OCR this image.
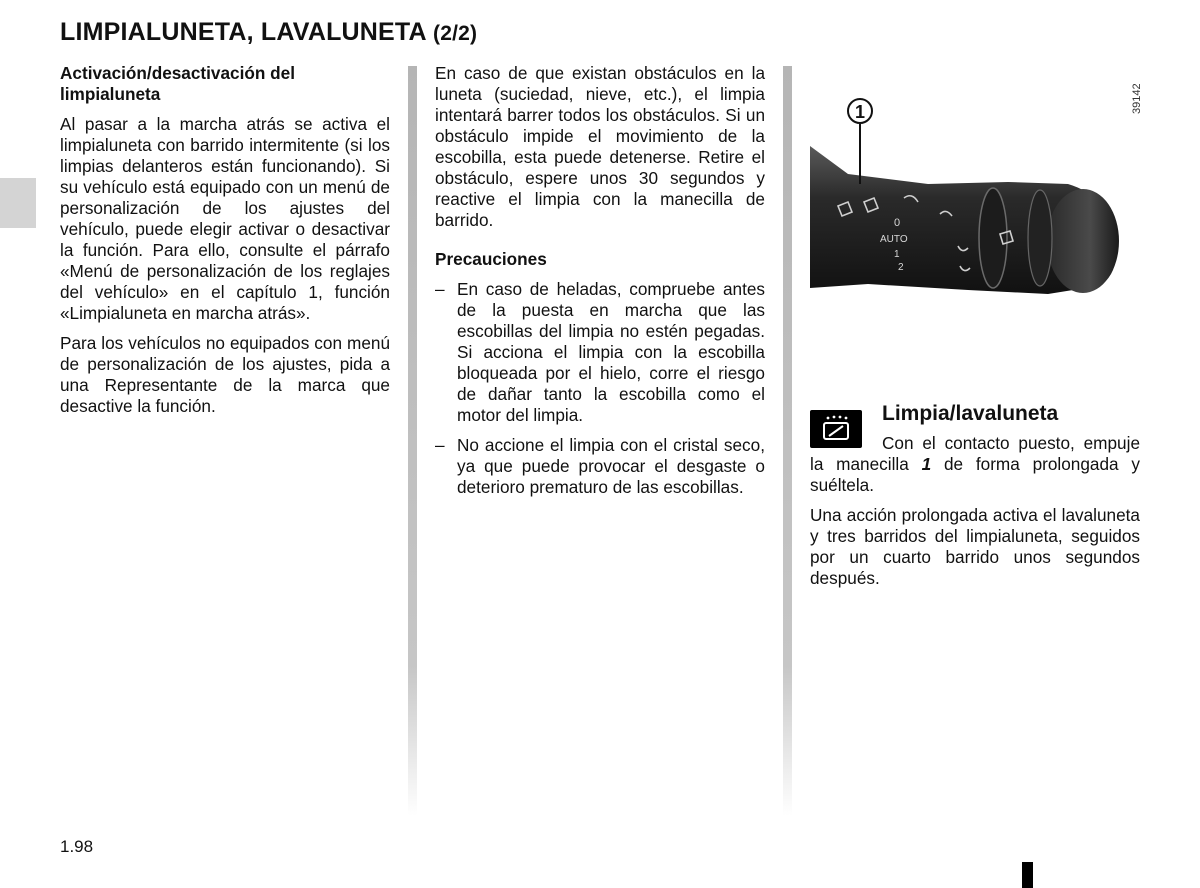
LIMPIALUNETA, LAVALUNETA (2/2)
Activación/desactivación del limpialuneta

Al pasar a la marcha atrás se activa el limpialuneta con barrido intermitente (si los limpias delanteros están funcionando). Si su vehículo está equipado con un menú de personalización de los ajustes del vehículo, puede elegir activar o desactivar la función. Para ello, consulte el párrafo «Menú de personalización de los reglajes del vehículo» en el capítulo 1, función «Limpialuneta en marcha atrás».

Para los vehículos no equipados con menú de personalización de los ajustes, pida a una Representante de la marca que desactive la función.

En caso de que existan obstáculos en la luneta (suciedad, nieve, etc.), el limpia intentará barrer todos los obstáculos. Si un obstáculo impide el movimiento de la escobilla, esta puede detenerse. Retire el obstáculo, espere unos 30 segundos y reactive el limpia con la manecilla de barrido.

Precauciones
– En caso de heladas, compruebe antes de la puesta en marcha que las escobillas del limpia no estén pegadas. Si acciona el limpia con la escobilla bloqueada por el hielo, corre el riesgo de dañar tanto la escobilla como el motor del limpia.
– No accione el limpia con el cristal seco, ya que puede provocar el desgaste o deterioro prematuro de las escobillas.
0
AUTO
1
2
1	39142
Limpia/lavaluneta

Con el contacto puesto, empuje la manecilla 1 de forma prolongada y suéltela.

Una acción prolongada activa el lavaluneta y tres barridos del limpialuneta, seguidos por un cuarto barrido unos segundos después.

1.98
